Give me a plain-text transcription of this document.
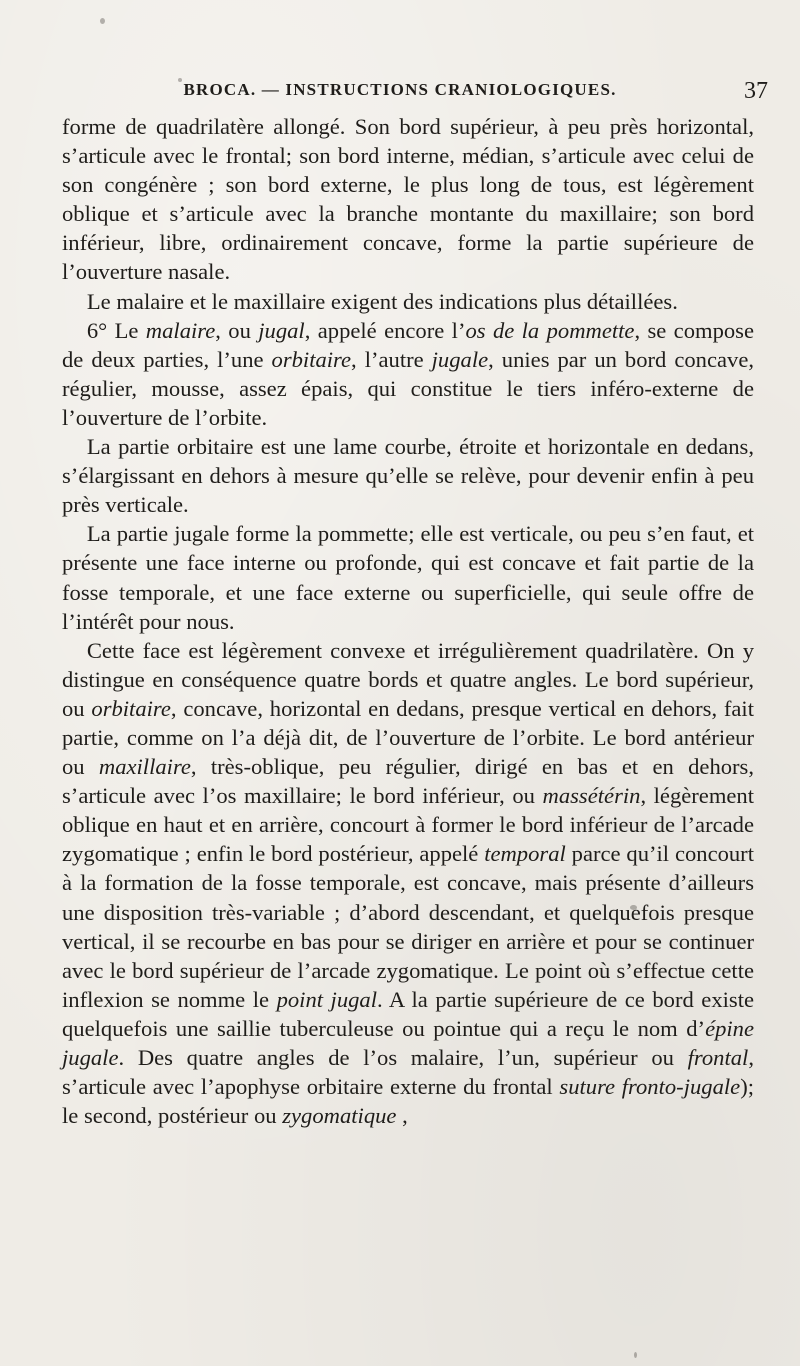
BROCA. — INSTRUCTIONS CRANIOLOGIQUES.	37

forme de quadrilatère allongé. Son bord supérieur, à peu près horizontal, s’articule avec le frontal; son bord interne, médian, s’articule avec celui de son congénère ; son bord externe, le plus long de tous, est légèrement oblique et s’articule avec la branche montante du maxillaire; son bord inférieur, libre, ordinairement concave, forme la partie supérieure de l’ouverture nasale.

Le malaire et le maxillaire exigent des indications plus détaillées.

6° Le malaire, ou jugal, appelé encore l’os de la pommette, se compose de deux parties, l’une orbitaire, l’autre jugale, unies par un bord concave, régulier, mousse, assez épais, qui constitue le tiers inféro-externe de l’ouverture de l’orbite.

La partie orbitaire est une lame courbe, étroite et horizontale en dedans, s’élargissant en dehors à mesure qu’elle se relève, pour devenir enfin à peu près verticale.

La partie jugale forme la pommette; elle est verticale, ou peu s’en faut, et présente une face interne ou profonde, qui est concave et fait partie de la fosse temporale, et une face externe ou superficielle, qui seule offre de l’intérêt pour nous.

Cette face est légèrement convexe et irrégulièrement quadrilatère. On y distingue en conséquence quatre bords et quatre angles. Le bord supérieur, ou orbitaire, concave, horizontal en dedans, presque vertical en dehors, fait partie, comme on l’a déjà dit, de l’ouverture de l’orbite. Le bord antérieur ou maxillaire, très-oblique, peu régulier, dirigé en bas et en dehors, s’articule avec l’os maxillaire; le bord inférieur, ou massétérin, légèrement oblique en haut et en arrière, concourt à former le bord inférieur de l’arcade zygomatique ; enfin le bord postérieur, appelé temporal parce qu’il concourt à la formation de la fosse temporale, est concave, mais présente d’ailleurs une disposition très-variable ; d’abord descendant, et quelquefois presque vertical, il se recourbe en bas pour se diriger en arrière et pour se continuer avec le bord supérieur de l’arcade zygomatique. Le point où s’effectue cette inflexion se nomme le point jugal. A la partie supérieure de ce bord existe quelquefois une saillie tuberculeuse ou pointue qui a reçu le nom d’épine jugale. Des quatre angles de l’os malaire, l’un, supérieur ou frontal, s’articule avec l’apophyse orbitaire externe du frontal suture fronto-jugale); le second, postérieur ou zygomatique ,
